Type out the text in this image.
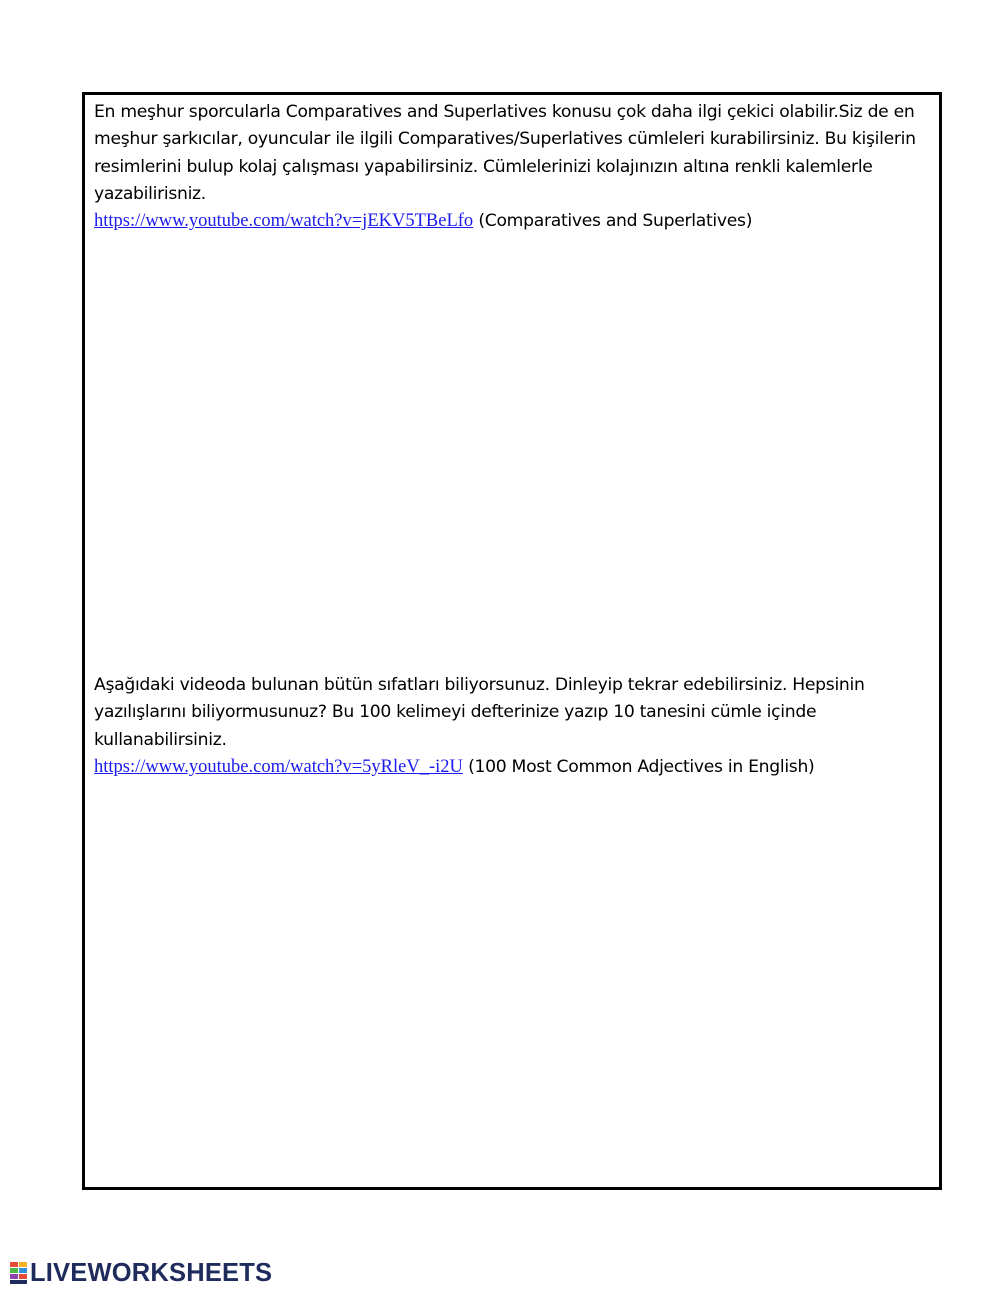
En meşhur sporcularla Comparatives and Superlatives konusu çok daha ilgi çekici olabilir.Siz de en meşhur şarkıcılar, oyuncular ile ilgili Comparatives/Superlatives cümleleri kurabilirsiniz. Bu kişilerin resimlerini bulup kolaj çalışması yapabilirsiniz. Cümlelerinizi kolajınızın altına renkli kalemlerle yazabilirisniz.

https://www.youtube.com/watch?v=jEKV5TBeLfo (Comparatives and Superlatives)

Aşağıdaki videoda bulunan bütün sıfatları biliyorsunuz. Dinleyip tekrar edebilirsiniz. Hepsinin yazılışlarını biliyormusunuz? Bu 100 kelimeyi defterinize yazıp 10 tanesini cümle içinde kullanabilirsiniz.

https://www.youtube.com/watch?v=5yRleV_-i2U (100 Most Common Adjectives in English)

LIVEWORKSHEETS
